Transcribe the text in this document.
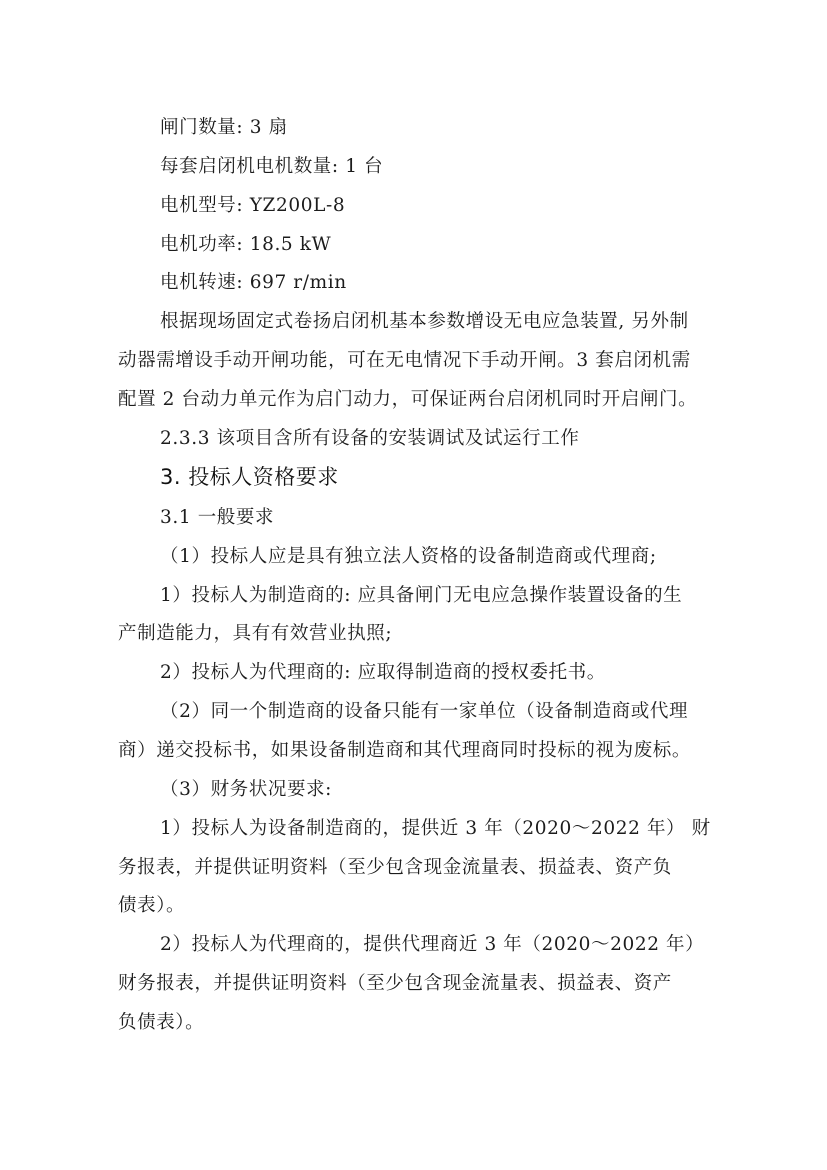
闸门数量: 3 扇
每套启闭机电机数量: 1 台
电机型号: YZ200L-8
电机功率: 18.5 kW
电机转速: 697 r/min
根据现场固定式卷扬启闭机基本参数增设无电应急装置, 另外制
动器需增设手动开闸功能，可在无电情况下手动开闸。3 套启闭机需
配置 2 台动力单元作为启门动力，可保证两台启闭机同时开启闸门。
2.3.3 该项目含所有设备的安装调试及试运行工作
3. 投标人资格要求
3.1 一般要求
（1）投标人应是具有独立法人资格的设备制造商或代理商;
1）投标人为制造商的: 应具备闸门无电应急操作装置设备的生
产制造能力，具有有效营业执照;
2）投标人为代理商的: 应取得制造商的授权委托书。
（2）同一个制造商的设备只能有一家单位（设备制造商或代理
商）递交投标书，如果设备制造商和其代理商同时投标的视为废标。
（3）财务状况要求:
1）投标人为设备制造商的，提供近 3 年（2020～2022 年） 财
务报表，并提供证明资料（至少包含现金流量表、损益表、资产负
债表）。
2）投标人为代理商的，提供代理商近 3 年（2020～2022 年）
财务报表，并提供证明资料（至少包含现金流量表、损益表、资产
负债表）。
